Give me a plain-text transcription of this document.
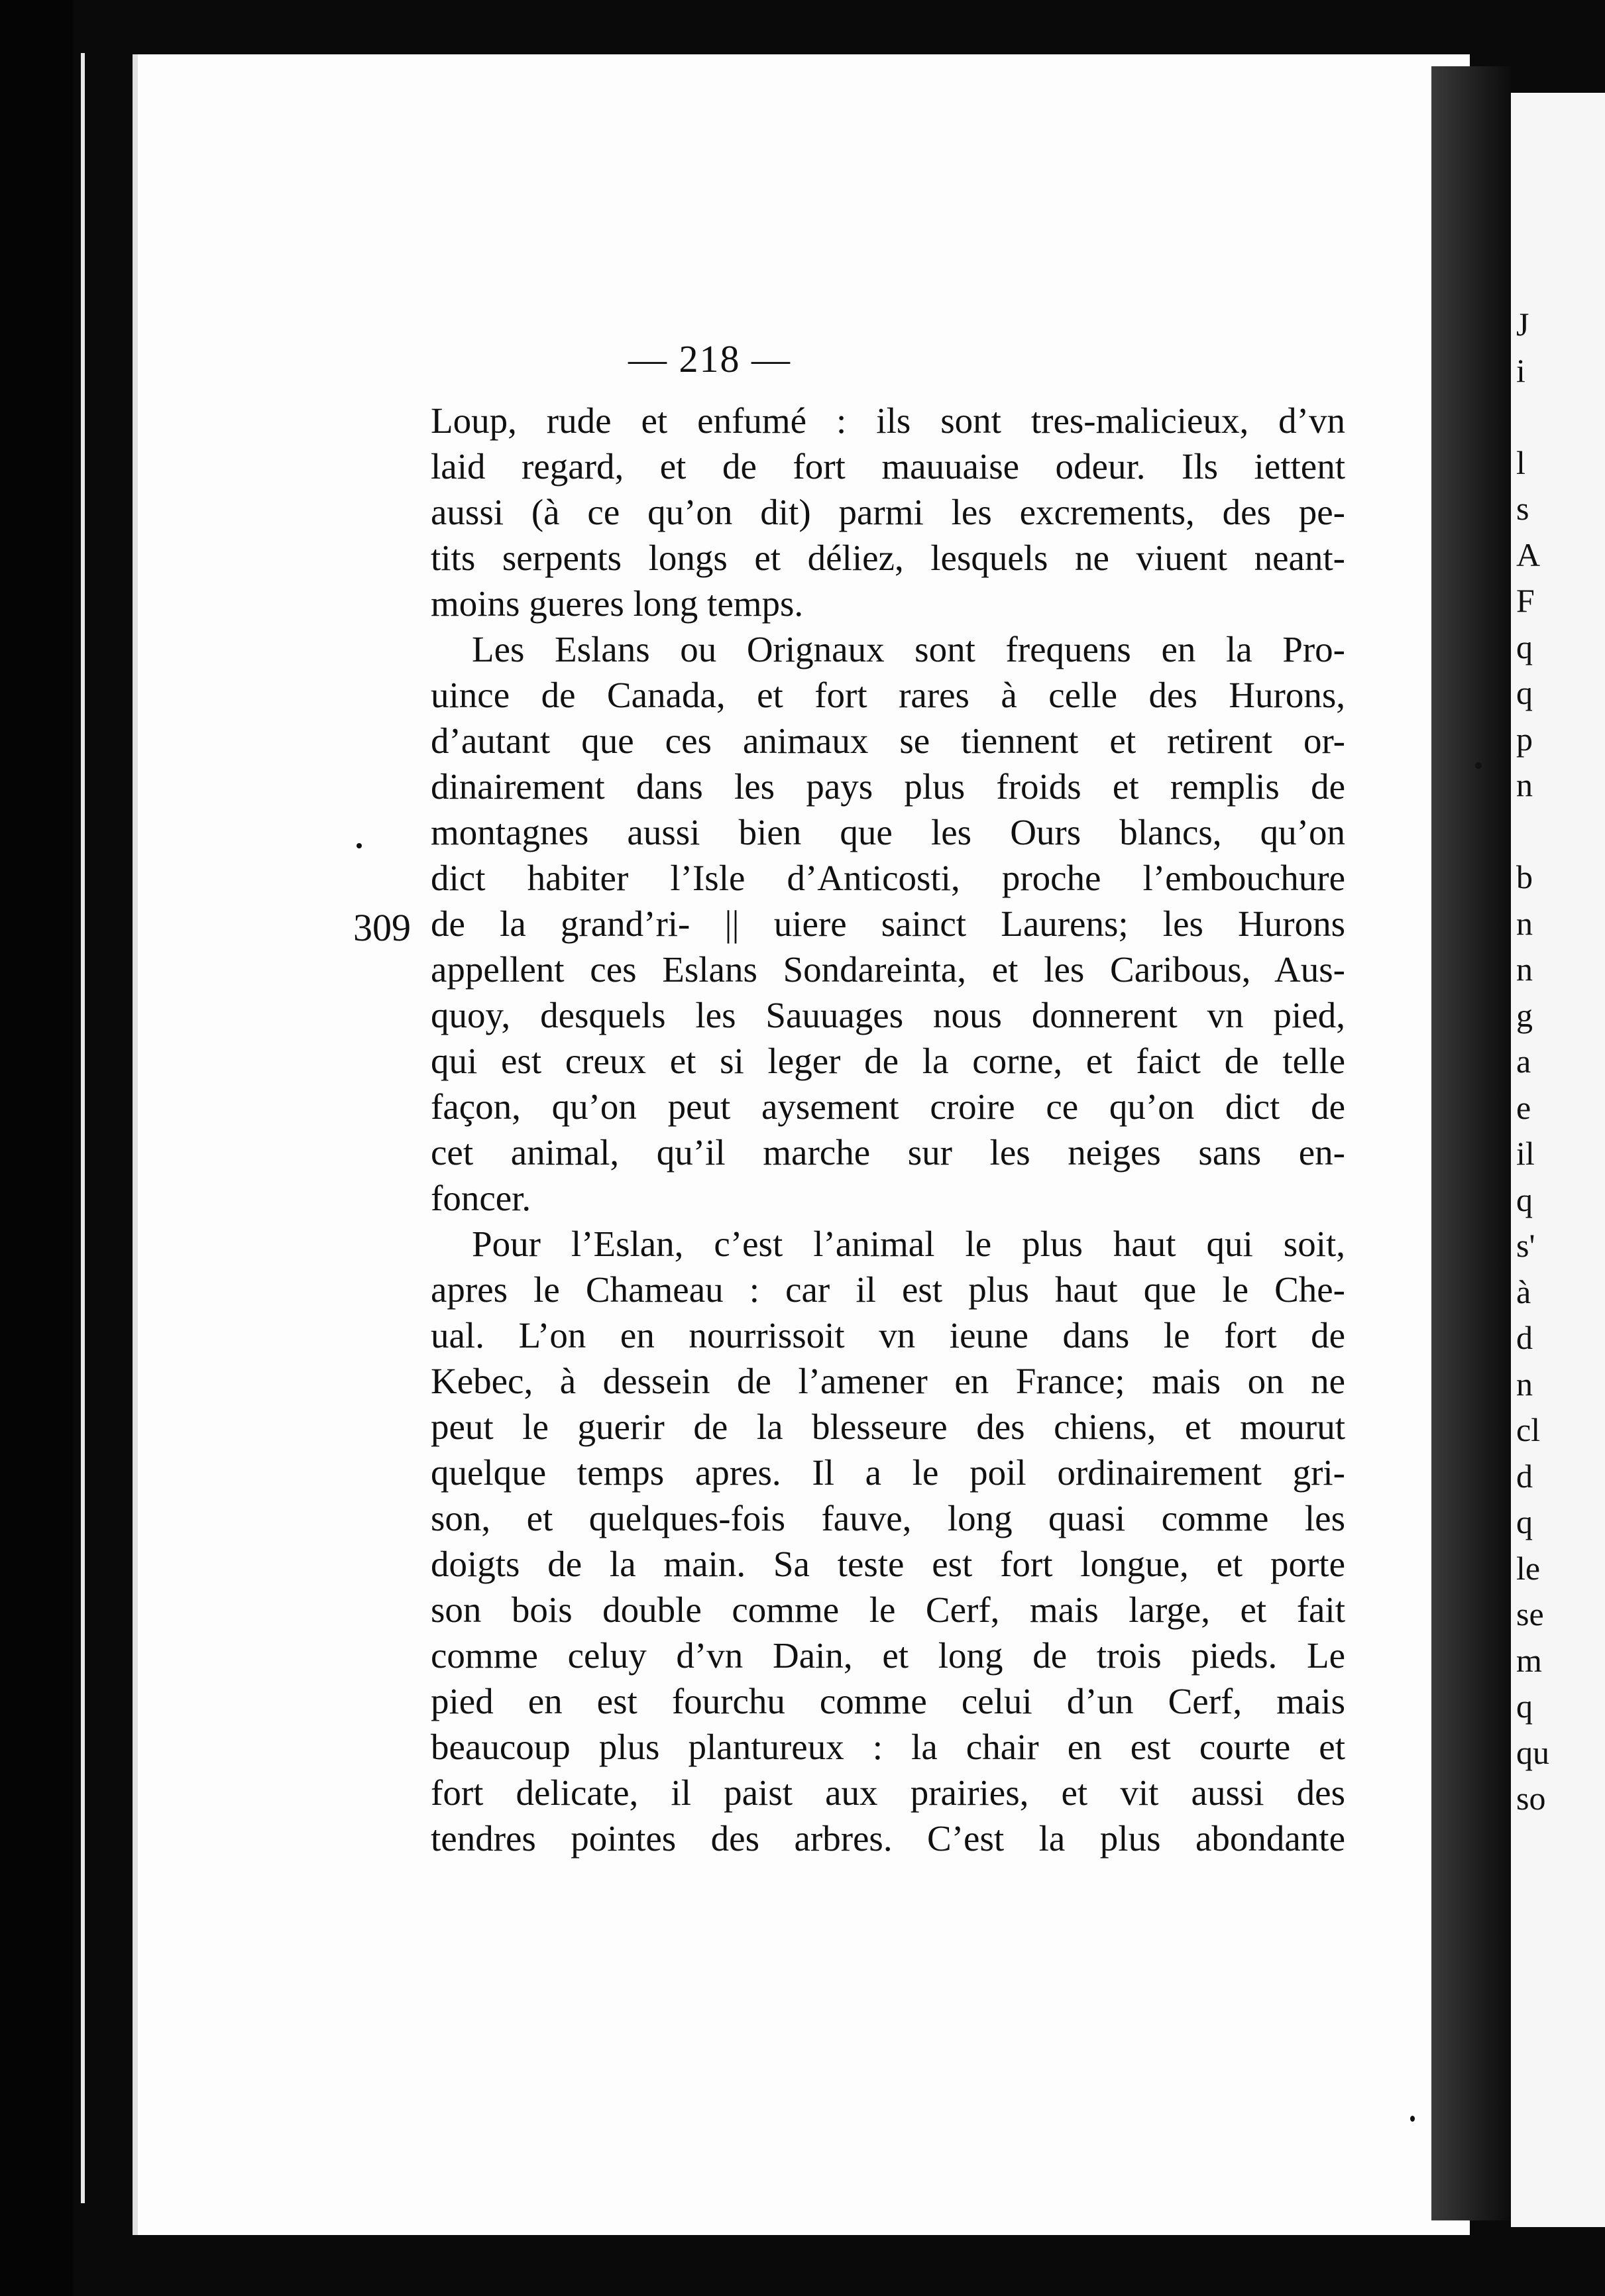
J
i
l
s
A
F
q
q
p
n
b
n
n
g
a
e
il
q
s'
à
d
n
cl
d
q
le
se
m
q
qu
so
— 218 —
309
Loup, rude et enfumé : ils sont tres-malicieux, d’vn
laid regard, et de fort mauuaise odeur. Ils iettent
aussi (à ce qu’on dit) parmi les excrements, des pe-
tits serpents longs et déliez, lesquels ne viuent neant-
moins gueres long temps.
Les Eslans ou Orignaux sont frequens en la Pro-
uince de Canada, et fort rares à celle des Hurons,
d’autant que ces animaux se tiennent et retirent or-
dinairement dans les pays plus froids et remplis de
montagnes aussi bien que les Ours blancs, qu’on
dict habiter l’Isle d’Anticosti, proche l’embouchure
de la grand’ri- || uiere sainct Laurens; les Hurons
appellent ces Eslans Sondareinta, et les Caribous, Aus-
quoy, desquels les Sauuages nous donnerent vn pied,
qui est creux et si leger de la corne, et faict de telle
façon, qu’on peut aysement croire ce qu’on dict de
cet animal, qu’il marche sur les neiges sans en-
foncer.
Pour l’Eslan, c’est l’animal le plus haut qui soit,
apres le Chameau : car il est plus haut que le Che-
ual. L’on en nourrissoit vn ieune dans le fort de
Kebec, à dessein de l’amener en France; mais on ne
peut le guerir de la blesseure des chiens, et mourut
quelque temps apres. Il a le poil ordinairement gri-
son, et quelques-fois fauve, long quasi comme les
doigts de la main. Sa teste est fort longue, et porte
son bois double comme le Cerf, mais large, et fait
comme celuy d’vn Dain, et long de trois pieds. Le
pied en est fourchu comme celui d’un Cerf, mais
beaucoup plus plantureux : la chair en est courte et
fort delicate, il paist aux prairies, et vit aussi des
tendres pointes des arbres. C’est la plus abondante
